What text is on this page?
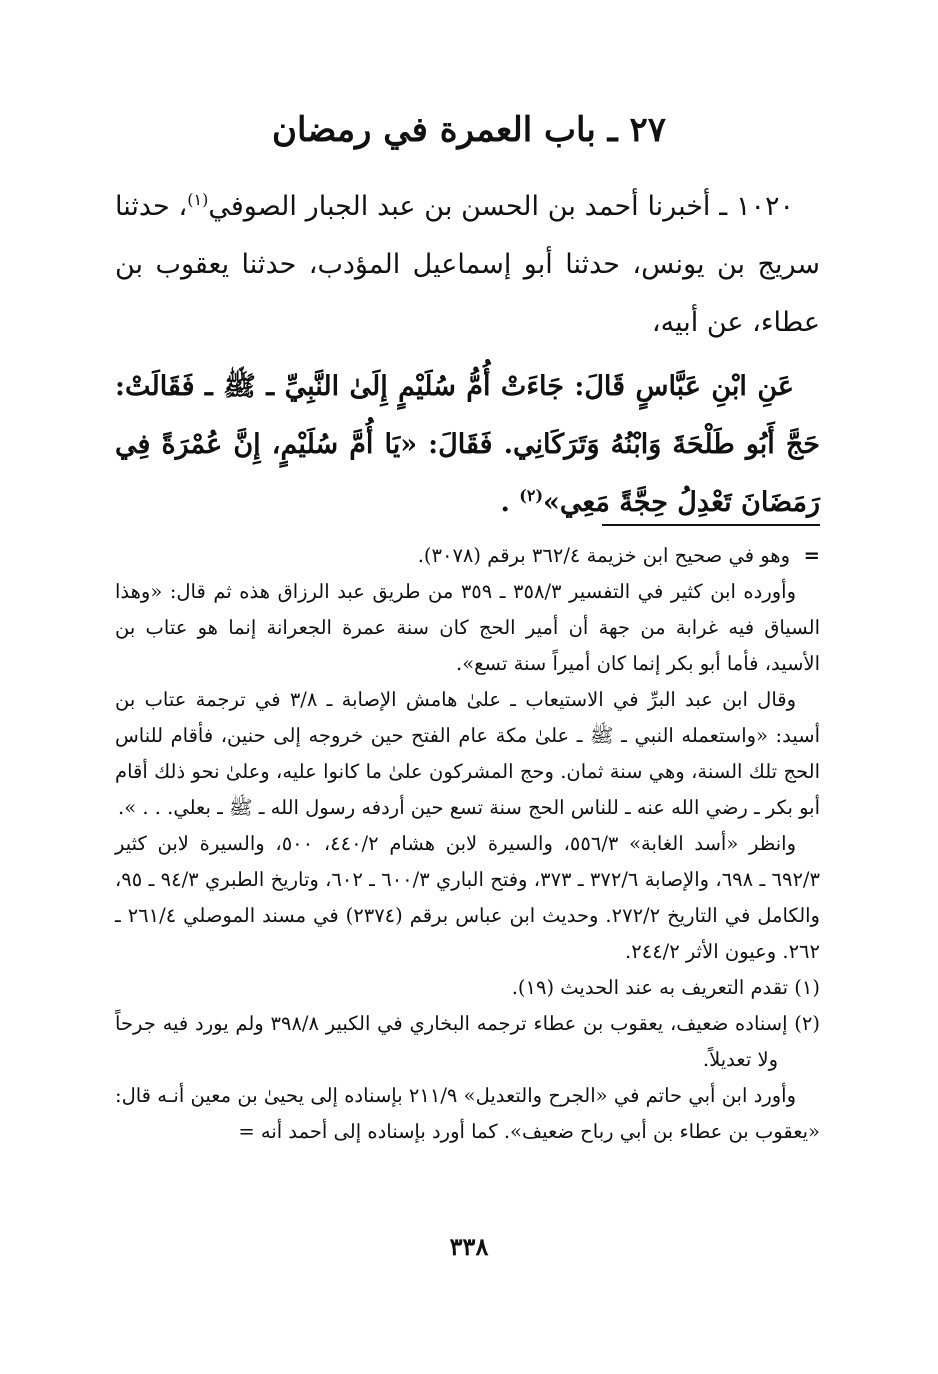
٢٧ ـ باب العمرة في رمضان

١٠٢٠ ـ أخبرنا أحمد بن الحسن بن عبد الجبار الصوفي$^{(١)}$، حدثنا سريج بن يونس، حدثنا أبو إسماعيل المؤدب، حدثنا يعقوب بن عطاء، عن أبيه،

عَنِ ابْنِ عَبَّاسٍ قَالَ: جَاءَتْ أُمُّ سُلَيْمٍ إِلَىٰ النَّبِيِّ ـ ﷺ ـ فَقَالَتْ: حَجَّ أَبُو طَلْحَةَ وَابْنُهُ وَتَرَكَانِي. فَقَالَ: «يَا أُمَّ سُلَيْمٍ، إِنَّ عُمْرَةً فِي رَمَضَانَ تَعْدِلُ حِجَّةً مَعِي»$^{(٢)}$ .

=
وهو في صحيح ابن خزيمة ٣٦٢/٤ برقم (٣٠٧٨).

وأورده ابن كثير في التفسير ٣٥٨/٣ ـ ٣٥٩ من طريق عبد الرزاق هذه ثم قال: «وهذا السياق فيه غرابة من جهة أن أمير الحج كان سنة عمرة الجعرانة إنما هو عتاب بن الأسيد، فأما أبو بكر إنما كان أميراً سنة تسع».

وقال ابن عبد البرِّ في الاستيعاب ـ علىٰ هامش الإصابة ـ ٣/٨ في ترجمة عتاب بن أسيد: «واستعمله النبي ـ ﷺ ـ علىٰ مكة عام الفتح حين خروجه إلى حنين، فأقام للناس الحج تلك السنة، وهي سنة ثمان. وحج المشركون علىٰ ما كانوا عليه، وعلىٰ نحو ذلك أقام أبو بكر ـ رضي الله عنه ـ للناس الحج سنة تسع حين أردفه رسول الله ـ ﷺ ـ بعلي. . . ».

وانظر «أسد الغابة» ٥٥٦/٣، والسيرة لابن هشام ٤٤٠/٢، ٥٠٠، والسيرة لابن كثير ٦٩٢/٣ ـ ٦٩٨، والإصابة ٣٧٢/٦ ـ ٣٧٣، وفتح الباري ٦٠٠/٣ ـ ٦٠٢، وتاريخ الطبري ٩٤/٣ ـ ٩٥، والكامل في التاريخ ٢٧٢/٢. وحديث ابن عباس برقم (٢٣٧٤) في مسند الموصلي ٢٦١/٤ ـ ٢٦٢. وعيون الأثر ٢٤٤/٢.

(١) تقدم التعريف به عند الحديث (١٩).

(٢) إسناده ضعيف، يعقوب بن عطاء ترجمه البخاري في الكبير ٣٩٨/٨ ولم يورد فيه جرحاً ولا تعديلاً.

وأورد ابن أبي حاتم في «الجرح والتعديل» ٢١١/٩ بإسناده إلى يحيىٰ بن معين أنـه قال: «يعقوب بن عطاء بن أبي رباح ضعيف». كما أورد بإسناده إلى أحمد أنه =

٣٣٨
